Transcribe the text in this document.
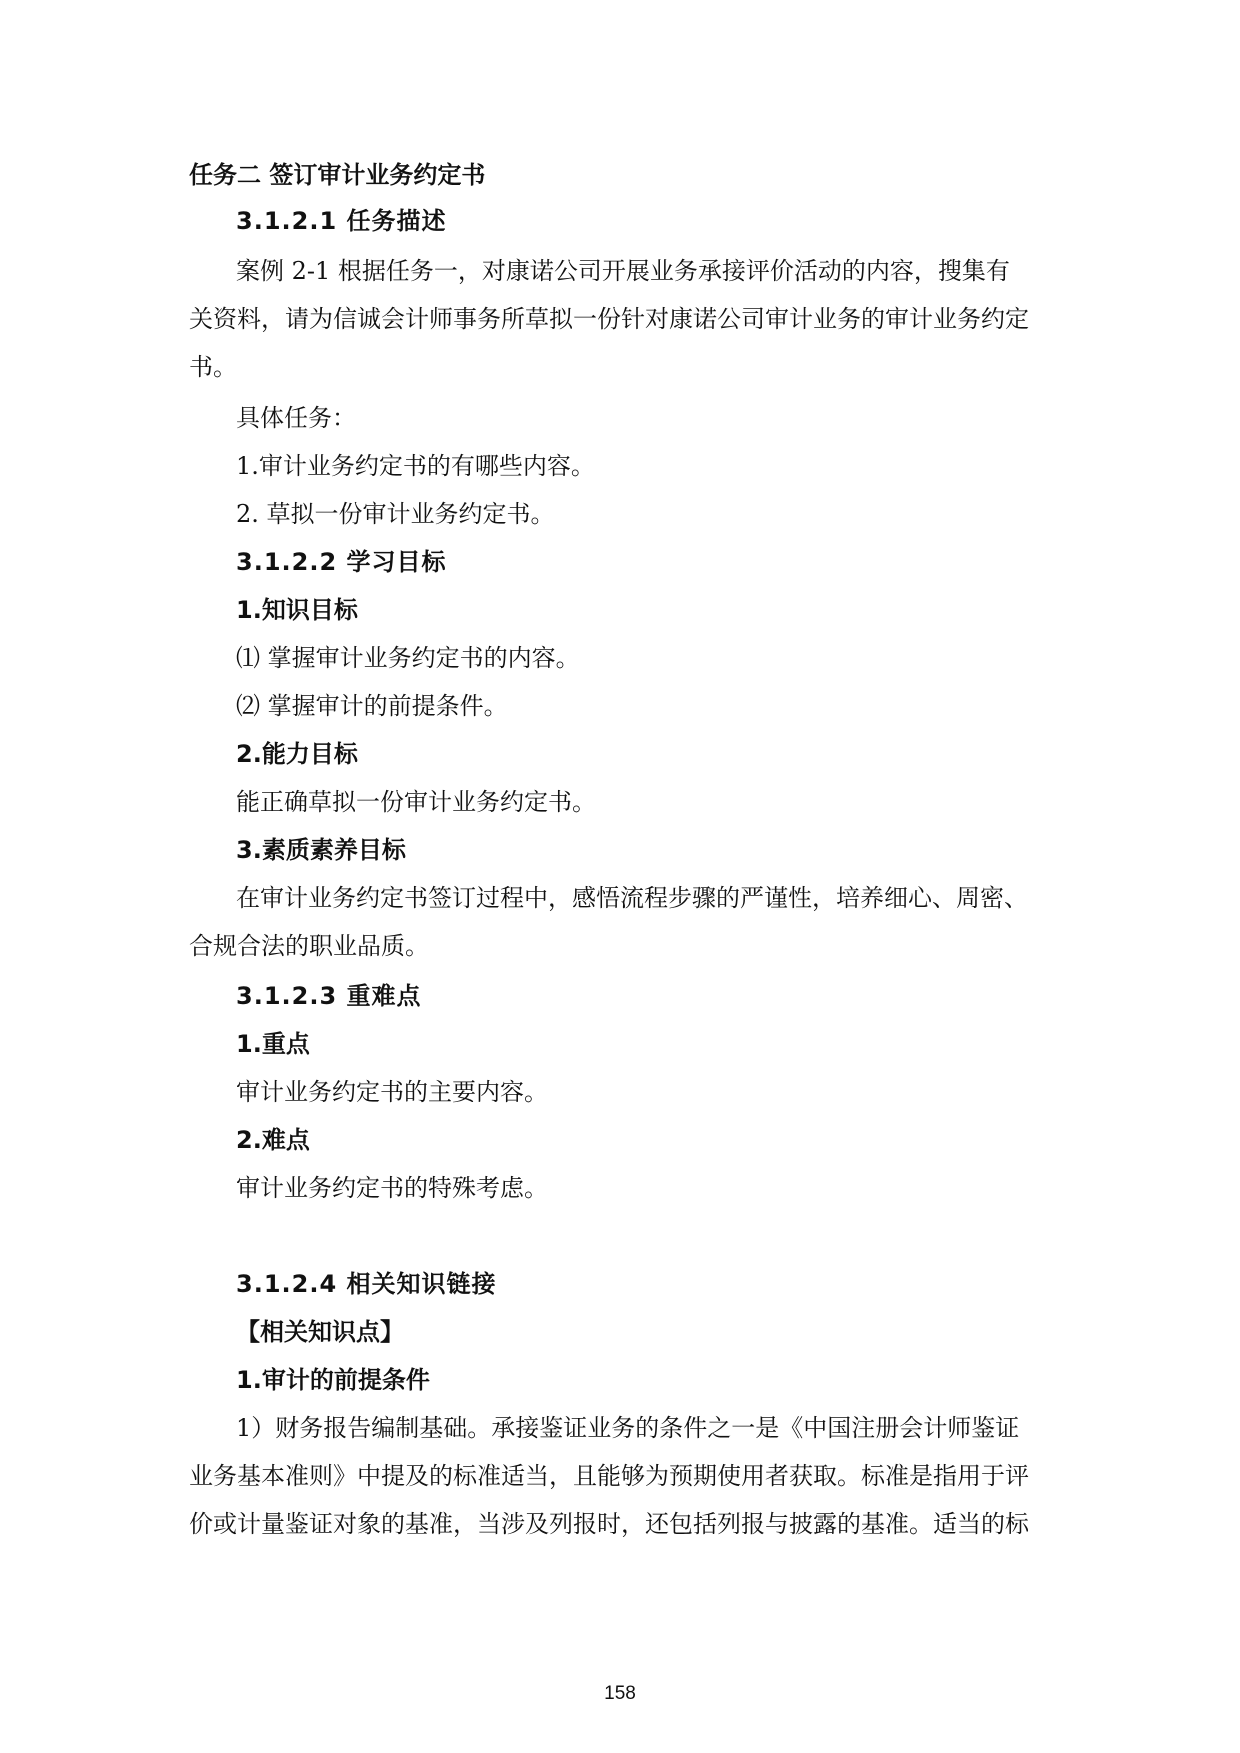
任务二 签订审计业务约定书
3.1.2.1 任务描述
案例 2-1 根据任务一，对康诺公司开展业务承接评价活动的内容，搜集有
关资料，请为信诚会计师事务所草拟一份针对康诺公司审计业务的审计业务约定
书。
具体任务：
1.审计业务约定书的有哪些内容。
2. 草拟一份审计业务约定书。
3.1.2.2 学习目标
1.知识目标
⑴ 掌握审计业务约定书的内容。
⑵ 掌握审计的前提条件。
2.能力目标
能正确草拟一份审计业务约定书。
3.素质素养目标
在审计业务约定书签订过程中，感悟流程步骤的严谨性，培养细心、周密、
合规合法的职业品质。
3.1.2.3 重难点
1.重点
审计业务约定书的主要内容。
2.难点
审计业务约定书的特殊考虑。
3.1.2.4 相关知识链接
【相关知识点】
1.审计的前提条件
1）财务报告编制基础。承接鉴证业务的条件之一是《中国注册会计师鉴证
业务基本准则》中提及的标准适当，且能够为预期使用者获取。标准是指用于评
价或计量鉴证对象的基准，当涉及列报时，还包括列报与披露的基准。适当的标
158
